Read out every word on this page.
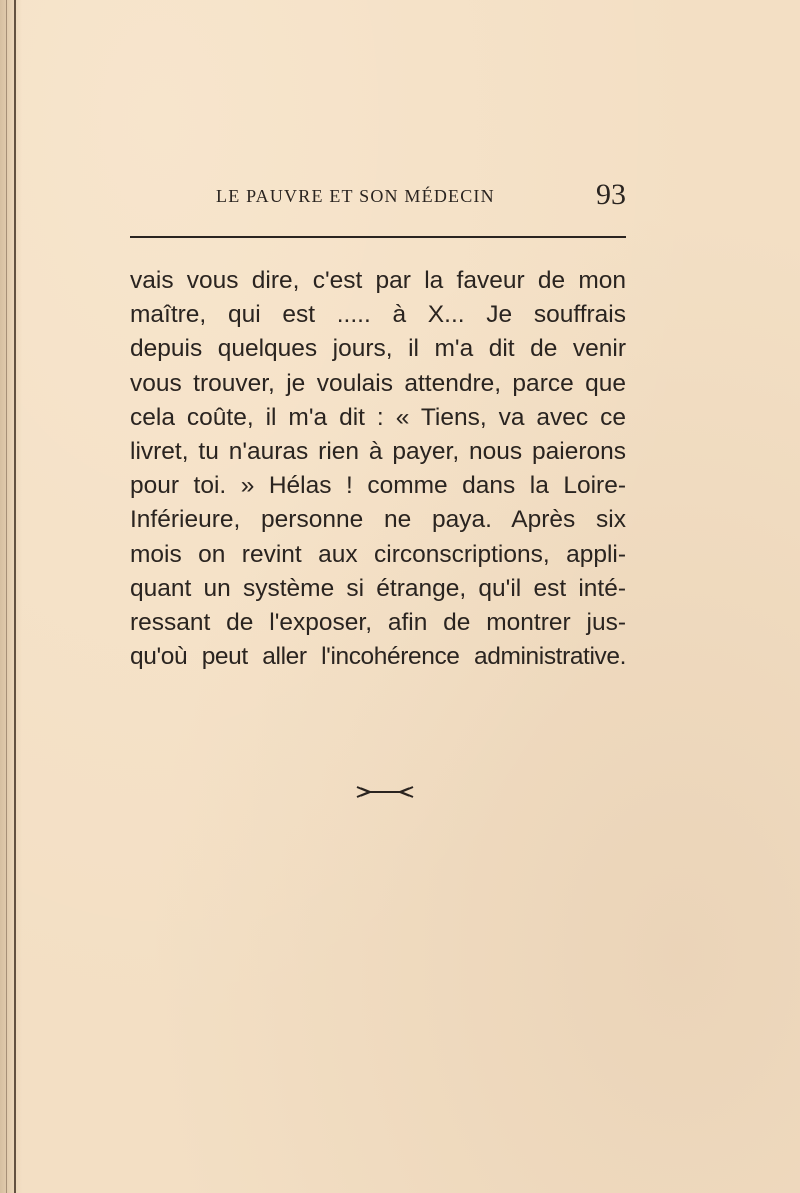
LE PAUVRE ET SON MÉDECIN	93
vais vous dire, c'est par la faveur de mon
maître, qui est ..... à X... Je souffrais
depuis quelques jours, il m'a dit de venir
vous trouver, je voulais attendre, parce que
cela coûte, il m'a dit : « Tiens, va avec ce
livret, tu n'auras rien à payer, nous paierons
pour toi. » Hélas ! comme dans la Loire-
Inférieure, personne ne paya. Après six
mois on revint aux circonscriptions, appli-
quant un système si étrange, qu'il est inté-
ressant de l'exposer, afin de montrer jus-
qu'où peut aller l'incohérence administrative.
